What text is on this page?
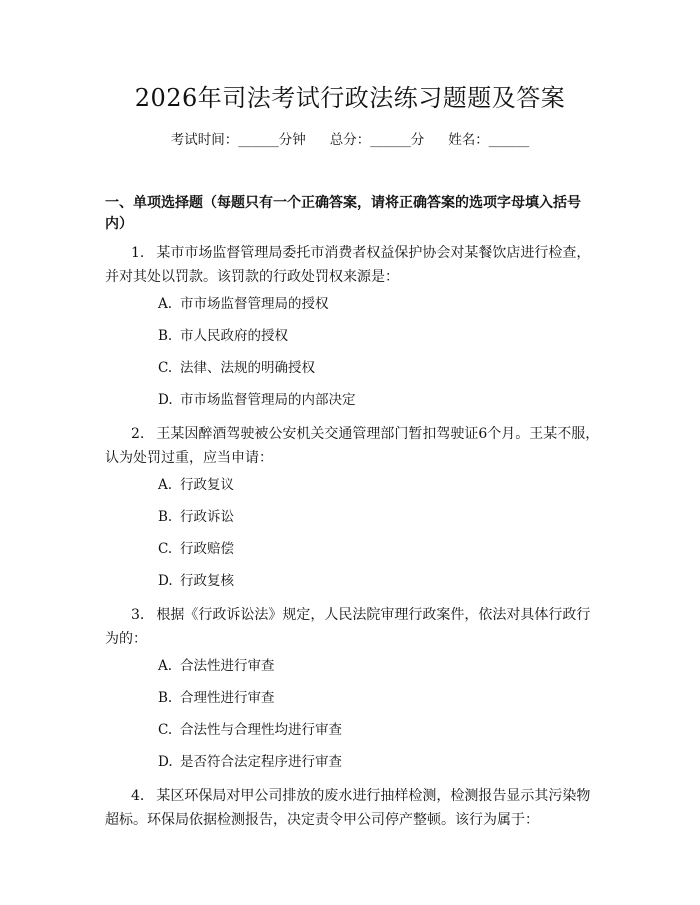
2026年司法考试行政法练习题题及答案
考试时间：______分钟 总分：______分 姓名：______
一、单项选择题（每题只有一个正确答案，请将正确答案的选项字母填入括号内）
1. 某市市场监督管理局委托市消费者权益保护协会对某餐饮店进行检查，并对其处以罚款。该罚款的行政处罚权来源是：
A. 市市场监督管理局的授权
B. 市人民政府的授权
C. 法律、法规的明确授权
D. 市市场监督管理局的内部决定
2. 王某因醉酒驾驶被公安机关交通管理部门暂扣驾驶证6个月。王某不服，认为处罚过重，应当申请：
A. 行政复议
B. 行政诉讼
C. 行政赔偿
D. 行政复核
3. 根据《行政诉讼法》规定，人民法院审理行政案件，依法对具体行政行为的：
A. 合法性进行审查
B. 合理性进行审查
C. 合法性与合理性均进行审查
D. 是否符合法定程序进行审查
4. 某区环保局对甲公司排放的废水进行抽样检测，检测报告显示其污染物超标。环保局依据检测报告，决定责令甲公司停产整顿。该行为属于：
